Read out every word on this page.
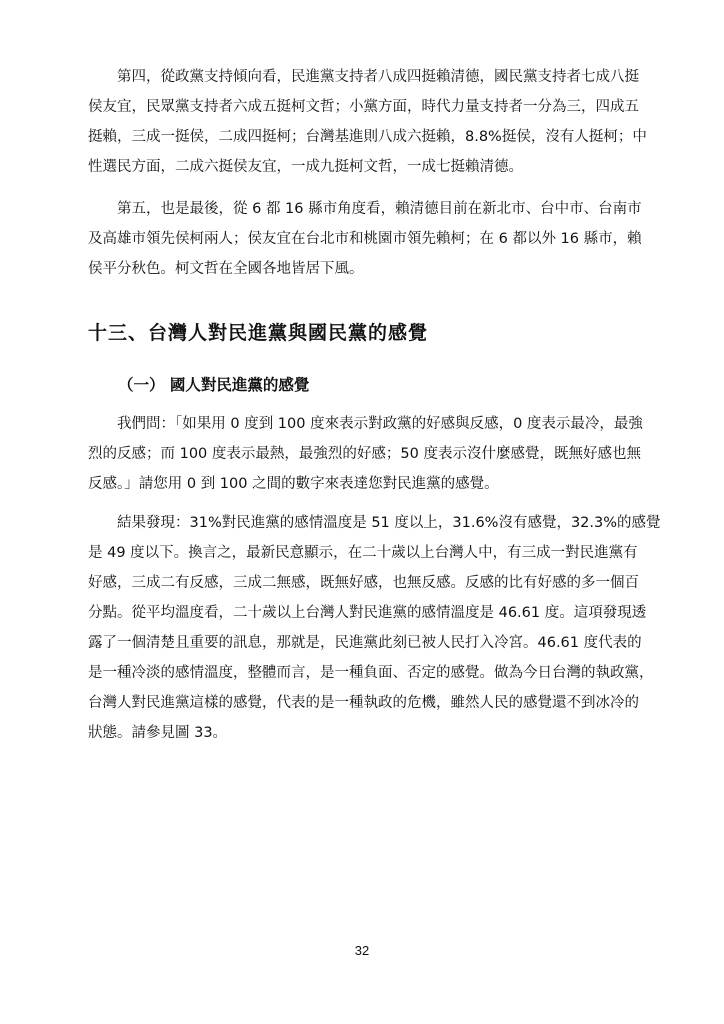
第四，從政黨支持傾向看，民進黨支持者八成四挺賴清德，國民黨支持者七成八挺
侯友宜，民眾黨支持者六成五挺柯文哲；小黨方面，時代力量支持者一分為三，四成五
挺賴，三成一挺侯，二成四挺柯；台灣基進則八成六挺賴，8.8%挺侯，沒有人挺柯；中
性選民方面，二成六挺侯友宜，一成九挺柯文哲，一成七挺賴清德。
第五，也是最後，從 6 都 16 縣市角度看，賴清德目前在新北市、台中市、台南市
及高雄市領先侯柯兩人；侯友宜在台北市和桃園市領先賴柯；在 6 都以外 16 縣市，賴
侯平分秋色。柯文哲在全國各地皆居下風。
十三、台灣人對民進黨與國民黨的感覺
（一） 國人對民進黨的感覺
我們問：「如果用 0 度到 100 度來表示對政黨的好感與反感，0 度表示最冷，最強
烈的反感；而 100 度表示最熱，最強烈的好感；50 度表示沒什麼感覺，既無好感也無
反感。」請您用 0 到 100 之間的數字來表達您對民進黨的感覺。
結果發現：31%對民進黨的感情溫度是 51 度以上，31.6%沒有感覺，32.3%的感覺
是 49 度以下。換言之，最新民意顯示，在二十歲以上台灣人中，有三成一對民進黨有
好感，三成二有反感，三成二無感，既無好感，也無反感。反感的比有好感的多一個百
分點。從平均溫度看，二十歲以上台灣人對民進黨的感情溫度是 46.61 度。這項發現透
露了一個清楚且重要的訊息，那就是，民進黨此刻已被人民打入冷宮。46.61 度代表的
是一種冷淡的感情溫度，整體而言，是一種負面、否定的感覺。做為今日台灣的執政黨，
台灣人對民進黨這樣的感覺，代表的是一種執政的危機，雖然人民的感覺還不到冰冷的
狀態。請參見圖 33。
32
